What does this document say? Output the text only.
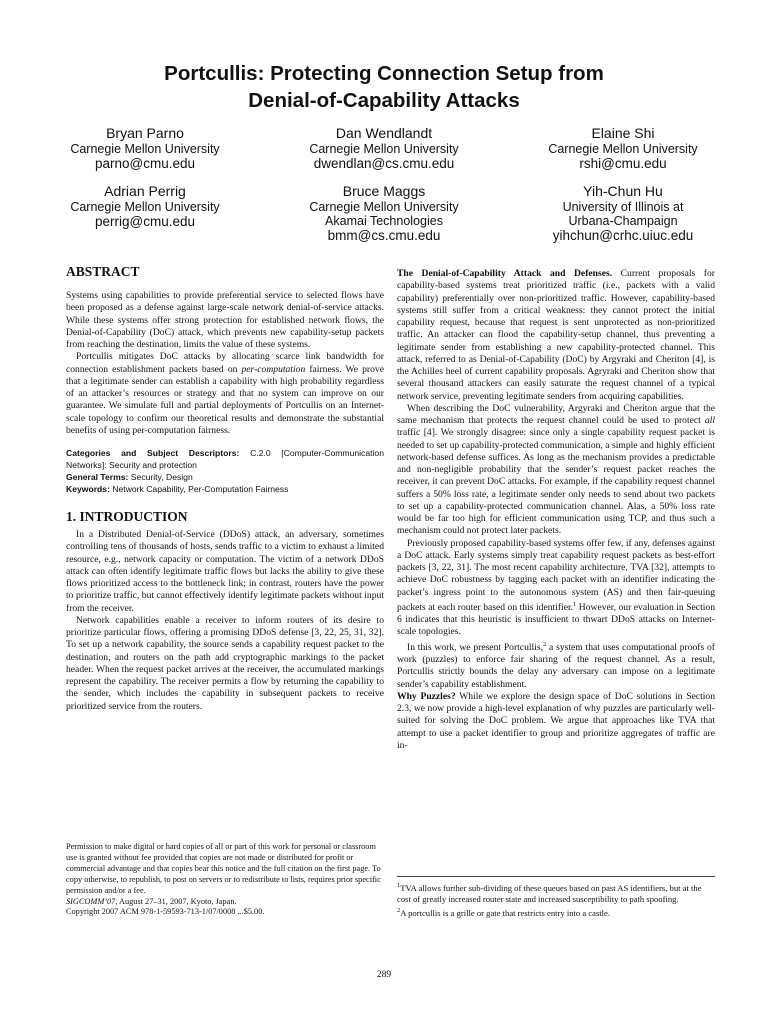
Portcullis: Protecting Connection Setup from
Denial-of-Capability Attacks
Bryan Parno
Carnegie Mellon University
parno@cmu.edu
Dan Wendlandt
Carnegie Mellon University
dwendlan@cs.cmu.edu
Elaine Shi
Carnegie Mellon University
rshi@cmu.edu
Adrian Perrig
Carnegie Mellon University
perrig@cmu.edu
Bruce Maggs
Carnegie Mellon University
Akamai Technologies
bmm@cs.cmu.edu
Yih-Chun Hu
University of Illinois at
Urbana-Champaign
yihchun@crhc.uiuc.edu
ABSTRACT

Systems using capabilities to provide preferential service to selected flows have been proposed as a defense against large-scale network denial-of-service attacks. While these systems offer strong protection for established network flows, the Denial-of-Capability (DoC) attack, which prevents new capability-setup packets from reaching the destination, limits the value of these systems.

Portcullis mitigates DoC attacks by allocating scarce link bandwidth for connection establishment packets based on per-computation fairness. We prove that a legitimate sender can establish a capability with high probability regardless of an attacker’s resources or strategy and that no system can improve on our guarantee. We simulate full and partial deployments of Portcullis on an Internet-scale topology to confirm our theoretical results and demonstrate the substantial benefits of using per-computation fairness.

Categories and Subject Descriptors: C.2.0 [Computer-Communication Networks]: Security and protection
General Terms: Security, Design
Keywords: Network Capability, Per-Computation Fairness
1. INTRODUCTION

In a Distributed Denial-of-Service (DDoS) attack, an adversary, sometimes controlling tens of thousands of hosts, sends traffic to a victim to exhaust a limited resource, e.g., network capacity or computation. The victim of a network DDoS attack can often identify legitimate traffic flows but lacks the ability to give these flows prioritized access to the bottleneck link; in contrast, routers have the power to prioritize traffic, but cannot effectively identify legitimate packets without input from the receiver.

Network capabilities enable a receiver to inform routers of its desire to prioritize particular flows, offering a promising DDoS defense [3, 22, 25, 31, 32]. To set up a network capability, the source sends a capability request packet to the destination, and routers on the path add cryptographic markings to the packet header. When the request packet arrives at the receiver, the accumulated markings represent the capability. The receiver permits a flow by returning the capability to the sender, which includes the capability in subsequent packets to receive prioritized service from the routers.

Permission to make digital or hard copies of all or part of this work for personal or classroom use is granted without fee provided that copies are not made or distributed for profit or commercial advantage and that copies bear this notice and the full citation on the first page. To copy otherwise, to republish, to post on servers or to redistribute to lists, requires prior specific permission and/or a fee.
SIGCOMM’07, August 27–31, 2007, Kyoto, Japan.
Copyright 2007 ACM 978-1-59593-713-1/07/0008 ...$5.00.

The Denial-of-Capability Attack and Defenses. Current proposals for capability-based systems treat prioritized traffic (i.e., packets with a valid capability) preferentially over non-prioritized traffic. However, capability-based systems still suffer from a critical weakness: they cannot protect the initial capability request, because that request is sent unprotected as non-prioritized traffic. An attacker can flood the capability-setup channel, thus preventing a legitimate sender from establishing a new capability-protected channel. This attack, referred to as Denial-of-Capability (DoC) by Argyraki and Cheriton [4], is the Achilles heel of current capability proposals. Agryraki and Cheriton show that several thousand attackers can easily saturate the request channel of a typical network service, preventing legitimate senders from acquiring capabilities.

When describing the DoC vulnerability, Argyraki and Cheriton argue that the same mechanism that protects the request channel could be used to protect all traffic [4]. We strongly disagree: since only a single capability request packet is needed to set up capability-protected communication, a simple and highly efficient network-based defense suffices. As long as the mechanism provides a predictable and non-negligible probability that the sender’s request packet reaches the receiver, it can prevent DoC attacks. For example, if the capability request channel suffers a 50% loss rate, a legitimate sender only needs to send about two packets to set up a capability-protected communication channel. Alas, a 50% loss rate would be far too high for efficient communication using TCP, and thus such a mechanism could not protect later packets.

Previously proposed capability-based systems offer few, if any, defenses against a DoC attack. Early systems simply treat capability request packets as best-effort packets [3, 22, 31]. The most recent capability architecture, TVA [32], attempts to achieve DoC robustness by tagging each packet with an identifier indicating the packet’s ingress point to the autonomous system (AS) and then fair-queuing packets at each router based on this identifier.$^1$ However, our evaluation in Section 6 indicates that this heuristic is insufficient to thwart DDoS attacks on Internet-scale topologies.

In this work, we present Portcullis,$^2$ a system that uses computational proofs of work (puzzles) to enforce fair sharing of the request channel. As a result, Portcullis strictly bounds the delay any adversary can impose on a legitimate sender’s capability establishment.

Why Puzzles? While we explore the design space of DoC solutions in Section 2.3, we now provide a high-level explanation of why puzzles are particularly well-suited for solving the DoC problem. We argue that approaches like TVA that attempt to use a packet identifier to group and prioritize aggregates of traffic are in-

$^1$TVA allows further sub-dividing of these queues based on past AS identifiers, but at the cost of greatly increased router state and increased susceptibility to path spoofing.

$^2$A portcullis is a grille or gate that restricts entry into a castle.

289
